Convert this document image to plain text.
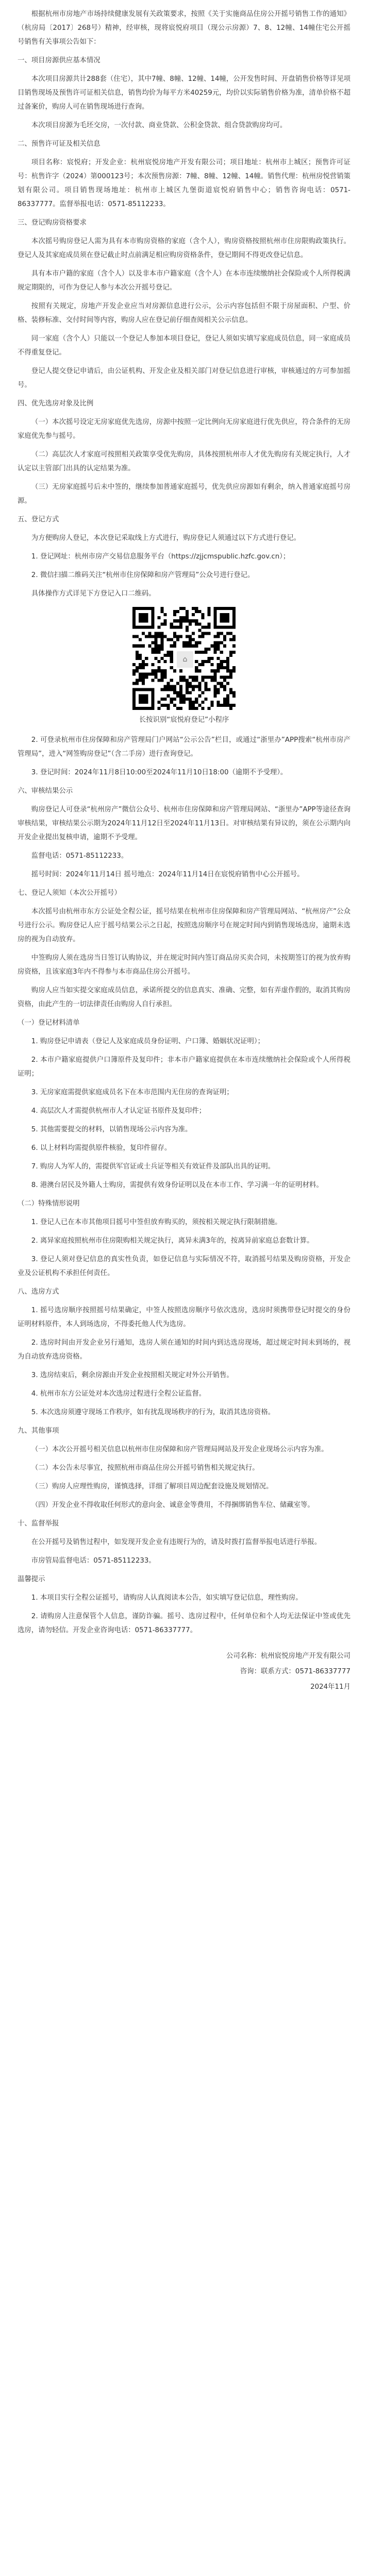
根据杭州市房地产市场持续健康发展有关政策要求，按照《关于实施商品住房公开摇号销售工作的通知》（杭房局〔2017〕268号）精神，经审核，现将宸悦府项目（现公示房源）7、8、12幢、14幢住宅公开摇号销售有关事项公告如下：

一、项目房源供应基本情况

本次项目房源共计288套（住宅），其中7幢、8幢、12幢、14幢，公开发售时间、开盘销售价格等详见项目销售现场及预售许可证相关信息，销售均价为每平方米40259元，均价以实际销售价格为准，清单价格不超过备案价，购房人可在销售现场进行查询。

本次项目房源为毛坯交房，一次付款、商业贷款、公积金贷款、组合贷款购房均可。

二、预售许可证及相关信息

项目名称：宸悦府；开发企业：杭州宸悦房地产开发有限公司；项目地址：杭州市上城区；预售许可证号：杭售许字（2024）第000123号；本次预售房源：7幢、8幢、12幢、14幢。销售代理：杭州房悦营销策划有限公司。项目销售现场地址：杭州市上城区九堡街道宸悦府销售中心；销售咨询电话：0571-86337777。监督举报电话：0571-85112233。

三、登记购房资格要求

本次摇号购房登记人需为具有本市购房资格的家庭（含个人），购房资格按照杭州市住房限购政策执行。登记人及其家庭成员须在登记截止时点前满足相应购房资格条件，登记期间不得更改登记信息。

具有本市户籍的家庭（含个人）以及非本市户籍家庭（含个人）在本市连续缴纳社会保险或个人所得税满规定期限的，可作为登记人参与本次公开摇号登记。

按照有关规定，房地产开发企业应当对房源信息进行公示，公示内容包括但不限于房屋面积、户型、价格、装修标准、交付时间等内容，购房人应在登记前仔细查阅相关公示信息。

同一家庭（含个人）只能以一个登记人参加本项目登记，登记人须如实填写家庭成员信息，同一家庭成员不得重复登记。

登记人提交登记申请后，由公证机构、开发企业及相关部门对登记信息进行审核，审核通过的方可参加摇号。

四、优先选房对象及比例

（一）本次摇号设定无房家庭优先选房，房源中按照一定比例向无房家庭进行优先供应，符合条件的无房家庭优先参与摇号。

（二）高层次人才家庭可按照相关政策享受优先购房，具体按照杭州市人才优先购房有关规定执行，人才认定以主管部门出具的认定结果为准。

（三）无房家庭摇号后未中签的，继续参加普通家庭摇号，优先供应房源如有剩余，纳入普通家庭摇号房源。

五、登记方式

为方便购房人登记，本次登记采取线上方式进行，购房登记人须通过以下方式进行登记。

1. 登记网址：杭州市房产交易信息服务平台（https://zjjcmspublic.hzfc.gov.cn）；

2. 微信扫描二维码关注“杭州市住房保障和房产管理局”公众号进行登记。

具体操作方式详见下方登记入口二维码。

⌂

长按识别“宸悦府登记”小程序

2. 可登录杭州市住房保障和房产管理局门户网站“公示公告”栏目，或通过“浙里办”APP搜索“杭州市房产管理局”，进入“网签购房登记”（含二手房）进行查询登记。

3. 登记时间：2024年11月8日10:00至2024年11月10日18:00（逾期不予受理）。

六、审核结果公示

购房登记人可登录“杭州房产”微信公众号、杭州市住房保障和房产管理局网站、“浙里办”APP等途径查询审核结果，审核结果公示期为2024年11月12日至2024年11月13日。对审核结果有异议的，须在公示期内向开发企业提出复核申请，逾期不予受理。

监督电话：0571-85112233。

摇号时间：2024年11月14日 摇号地点：2024年11月14日在宸悦府销售中心公开摇号。

七、登记人须知（本次公开摇号）

本次摇号由杭州市东方公证处全程公证，摇号结果在杭州市住房保障和房产管理局网站、“杭州房产”公众号进行公示。购房登记人应于摇号结果公示之日起，按照选房顺序号在规定时间内到销售现场选房，逾期未选房的视为自动放弃。

中签购房人须在选房当日签订认购协议，并在规定时间内签订商品房买卖合同，未按期签订的视为放弃购房资格，且该家庭3年内不得参与本市商品住房公开摇号。

购房人应当如实提交家庭成员信息，承诺所提交的信息真实、准确、完整，如有弄虚作假的，取消其购房资格，由此产生的一切法律责任由购房人自行承担。

（一）登记材料清单

1. 购房登记申请表（登记人及家庭成员身份证明、户口簿、婚姻状况证明）；

2. 本市户籍家庭提供户口簿原件及复印件；非本市户籍家庭提供在本市连续缴纳社会保险或个人所得税证明；

3. 无房家庭需提供家庭成员名下在本市范围内无住房的查询证明；

4. 高层次人才需提供杭州市人才认定证书原件及复印件；

5. 其他需要提交的材料，以销售现场公示内容为准。

6. 以上材料均需提供原件核验，复印件留存。

7. 购房人为军人的，需提供军官证或士兵证等相关有效证件及部队出具的证明。

8. 港澳台居民及外籍人士购房，需提供有效身份证明以及在本市工作、学习满一年的证明材料。

（二）特殊情形说明

1. 登记人已在本市其他项目摇号中签但放弃购买的，须按相关规定执行限制措施。

2. 离异家庭按照杭州市住房限购相关规定执行，离异未满3年的，按离异前家庭总套数计算。

3. 登记人须对登记信息的真实性负责，如登记信息与实际情况不符，取消摇号结果及购房资格，开发企业及公证机构不承担任何责任。

八、选房方式

1. 摇号选房顺序按照摇号结果确定，中签人按照选房顺序号依次选房，选房时须携带登记时提交的身份证明材料原件，本人到场选房，不得委托他人代为选房。

2. 选房时间由开发企业另行通知，选房人须在通知的时间内到达选房现场，超过规定时间未到场的，视为自动放弃选房资格。

3. 选房结束后，剩余房源由开发企业按照相关规定对外公开销售。

4. 杭州市东方公证处对本次选房过程进行全程公证监督。

5. 本次选房须遵守现场工作秩序，如有扰乱现场秩序的行为，取消其选房资格。

九、其他事项

（一）本次公开摇号相关信息以杭州市住房保障和房产管理局网站及开发企业现场公示内容为准。

（二）本公告未尽事宜，按照杭州市商品住房公开摇号销售相关规定执行。

（三）购房人应理性购房，谨慎选择，详细了解项目周边配套设施及规划情况。

（四）开发企业不得收取任何形式的意向金、诚意金等费用，不得捆绑销售车位、储藏室等。

十、监督举报

在公开摇号及销售过程中，如发现开发企业有违规行为的，请及时拨打监督举报电话进行举报。

市房管局监督电话：0571-85112233。

温馨提示

1. 本项目实行全程公证摇号，请购房人认真阅读本公告，如实填写登记信息，理性购房。

2. 请购房人注意保管个人信息，谨防诈骗。摇号、选房过程中，任何单位和个人均无法保证中签或优先选房，请勿轻信。开发企业咨询电话：0571-86337777。

公司名称：杭州宸悦房地产开发有限公司
咨询：联系方式：0571-86337777
2024年11月
